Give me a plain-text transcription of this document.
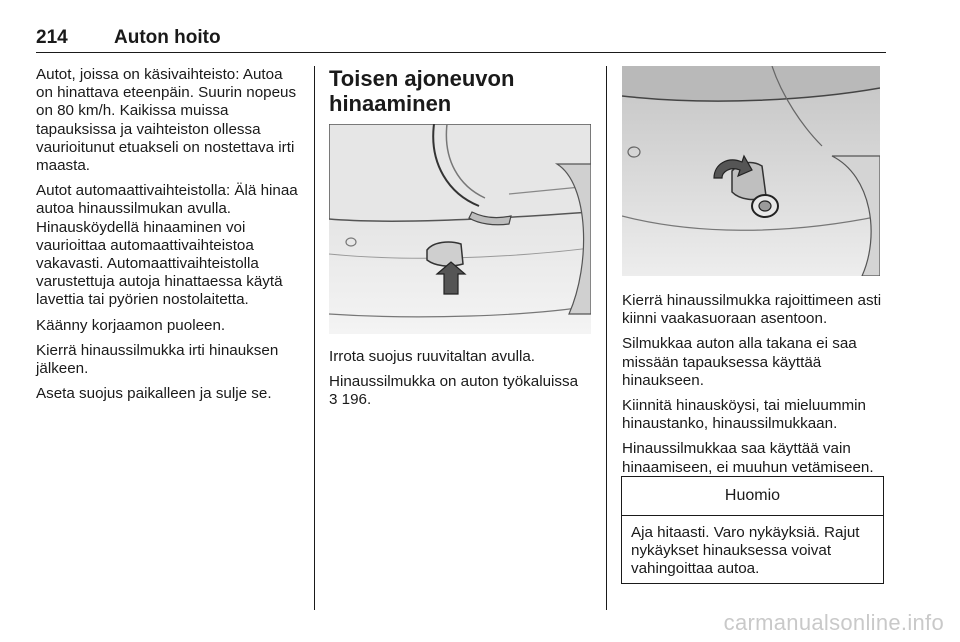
214 Auton hoito

Autot, joissa on käsivaihteisto: Autoa on hinattava eteenpäin. Suurin nopeus on 80 km/h. Kaikissa muissa tapauksissa ja vaihteiston ollessa vaurioitunut etuakseli on nostettava irti maasta.

Autot automaattivaihteistolla: Älä hinaa autoa hinaussilmukan avulla. Hinausköydellä hinaaminen voi vaurioittaa automaattivaihteistoa vakavasti. Automaattivaihteistolla varustettuja autoja hinattaessa käytä lavettia tai pyörien nostolaitetta.

Käänny korjaamon puoleen.

Kierrä hinaussilmukka irti hinauksen jälkeen.

Aseta suojus paikalleen ja sulje se.

Toisen ajoneuvon hinaaminen

Irrota suojus ruuvitaltan avulla.

Hinaussilmukka on auton työkaluissa

3 196.

Kierrä hinaussilmukka rajoittimeen asti kiinni vaakasuoraan asentoon.

Silmukkaa auton alla takana ei saa missään tapauksessa käyttää hinaukseen.

Kiinnitä hinausköysi, tai mieluummin hinaustanko, hinaussilmukkaan.

Hinaussilmukkaa saa käyttää vain hinaamiseen, ei muuhun vetämiseen.

Huomio
Aja hitaasti. Varo nykäyksiä. Rajut nykäykset hinauksessa voivat vahingoittaa autoa.
carmanualsonline.info
